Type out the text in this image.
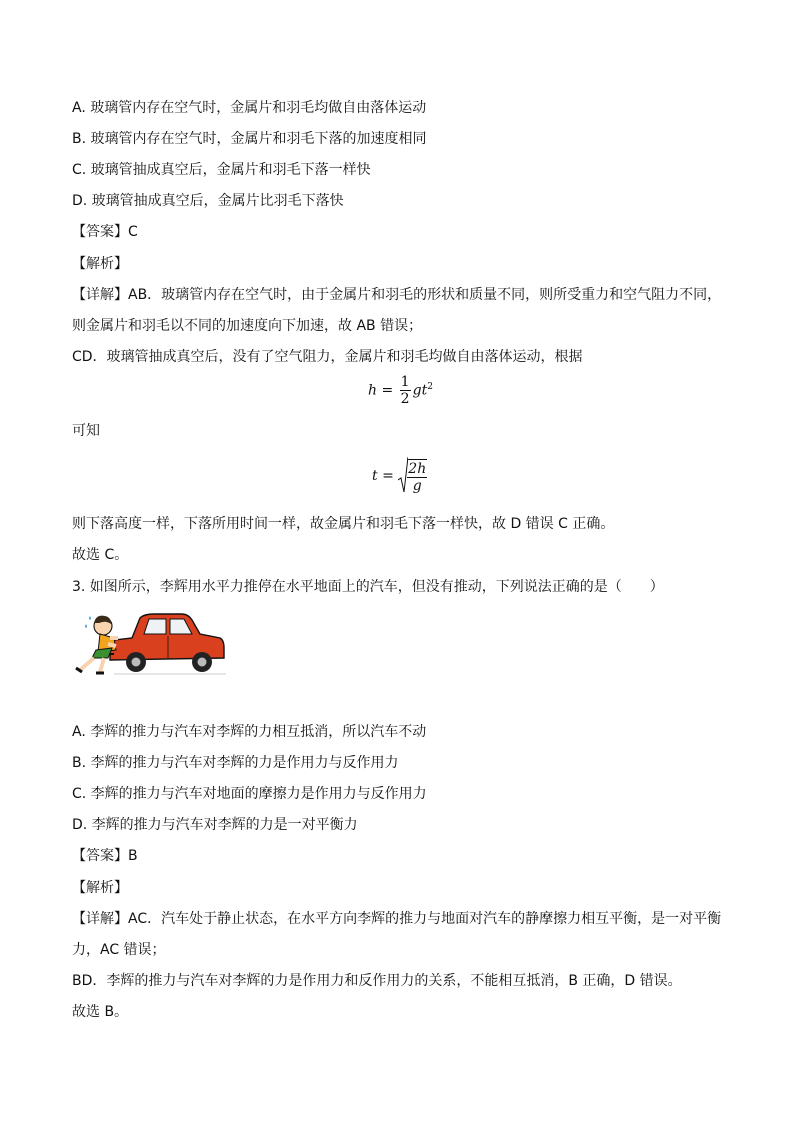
A. 玻璃管内存在空气时，金属片和羽毛均做自由落体运动
B. 玻璃管内存在空气时，金属片和羽毛下落的加速度相同
C. 玻璃管抽成真空后，金属片和羽毛下落一样快
D. 玻璃管抽成真空后，金属片比羽毛下落快
【答案】C
【解析】
【详解】AB．玻璃管内存在空气时，由于金属片和羽毛的形状和质量不同，则所受重力和空气阻力不同，
则金属片和羽毛以不同的加速度向下加速，故 AB 错误；
CD．玻璃管抽成真空后，没有了空气阻力，金属片和羽毛均做自由落体运动，根据
$h = \frac{1}{2} gt^2$
可知
$t = \frac{2h}{g}$
则下落高度一样，下落所用时间一样，故金属片和羽毛下落一样快，故 D 错误 C 正确。
故选 C。
3. 如图所示，李辉用水平力推停在水平地面上的汽车，但没有推动，下列说法正确的是（　　）
A. 李辉的推力与汽车对李辉的力相互抵消，所以汽车不动
B. 李辉的推力与汽车对李辉的力是作用力与反作用力
C. 李辉的推力与汽车对地面的摩擦力是作用力与反作用力
D. 李辉的推力与汽车对李辉的力是一对平衡力
【答案】B
【解析】
【详解】AC．汽车处于静止状态，在水平方向李辉的推力与地面对汽车的静摩擦力相互平衡，是一对平衡
力，AC 错误；
BD．李辉的推力与汽车对李辉的力是作用力和反作用力的关系，不能相互抵消，B 正确，D 错误。
故选 B。
